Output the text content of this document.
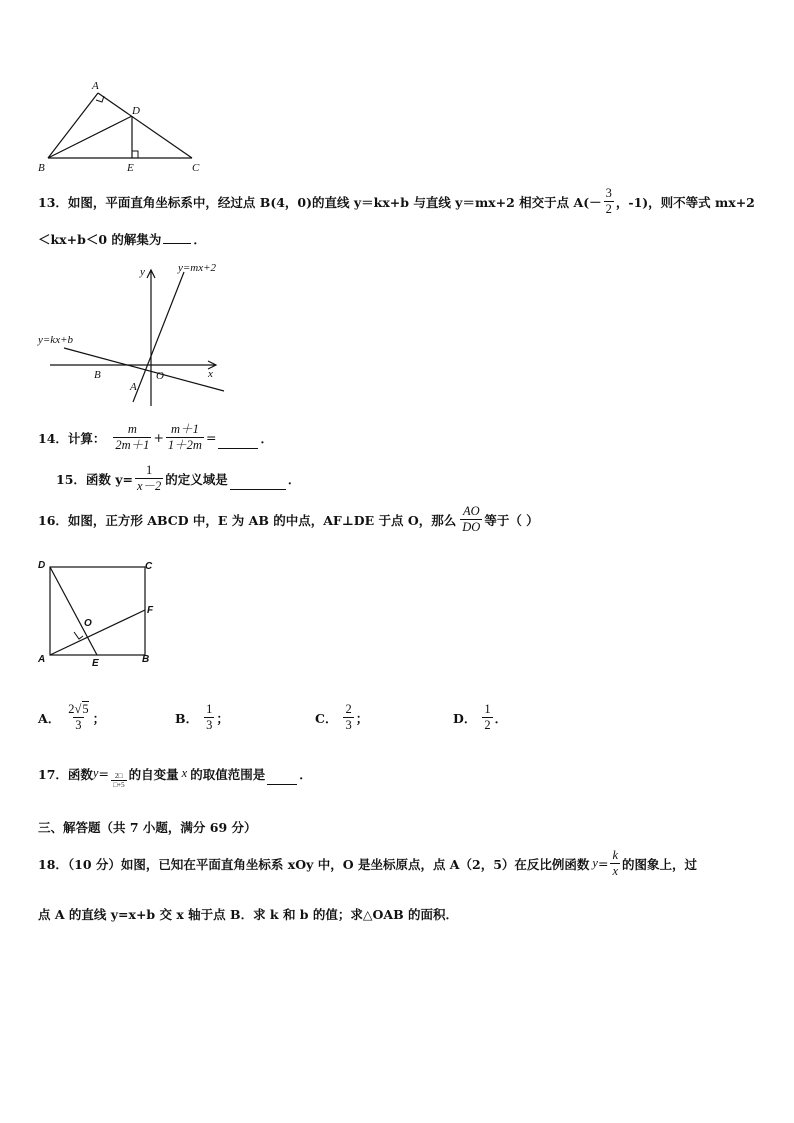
A
D
B	E	C
13．如图，平面直角坐标系中，经过点 B(4，0)的直线 y＝kx+b 与直线 y＝mx+2 相交于点 $A(- \frac{3}{2}$ ，-1)，则不等式 mx+2
＜kx+b＜0 的解集为	．
y
x
O
B
A
y=mx+2
y=kx+b
14．计算： $\frac{m}{2m+1} + \frac{m+1}{1+2m}$ =	．
15．函数 $y= \frac{1}{x-2}$ 的定义域是	．
16．如图，正方形 ABCD 中，E 为 AB 的中点，AF⊥DE 于点 O，那么 $\frac{AO}{DO}$ 等于（ ）
D	C
F
O
A	E	B
A． $\frac{2√5}{3}$ ；	B． $\frac{1}{3}$ ；	C． $\frac{2}{3}$ ；	D． $\frac{1}{2}$ ．
17．函数 $y = \frac{2□}{□+5}$ 的自变量 x 的取值范围是	．
三、解答题（共 7 小题，满分 69 分）
18．（10 分）如图，已知在平面直角坐标系 xOy 中，O 是坐标原点，点 A（2，5）在反比例函数 $y = \frac{k}{x}$ 的图象上，过
点 A 的直线 y=x+b 交 x 轴于点 B．求 k 和 b 的值；求△OAB 的面积．
